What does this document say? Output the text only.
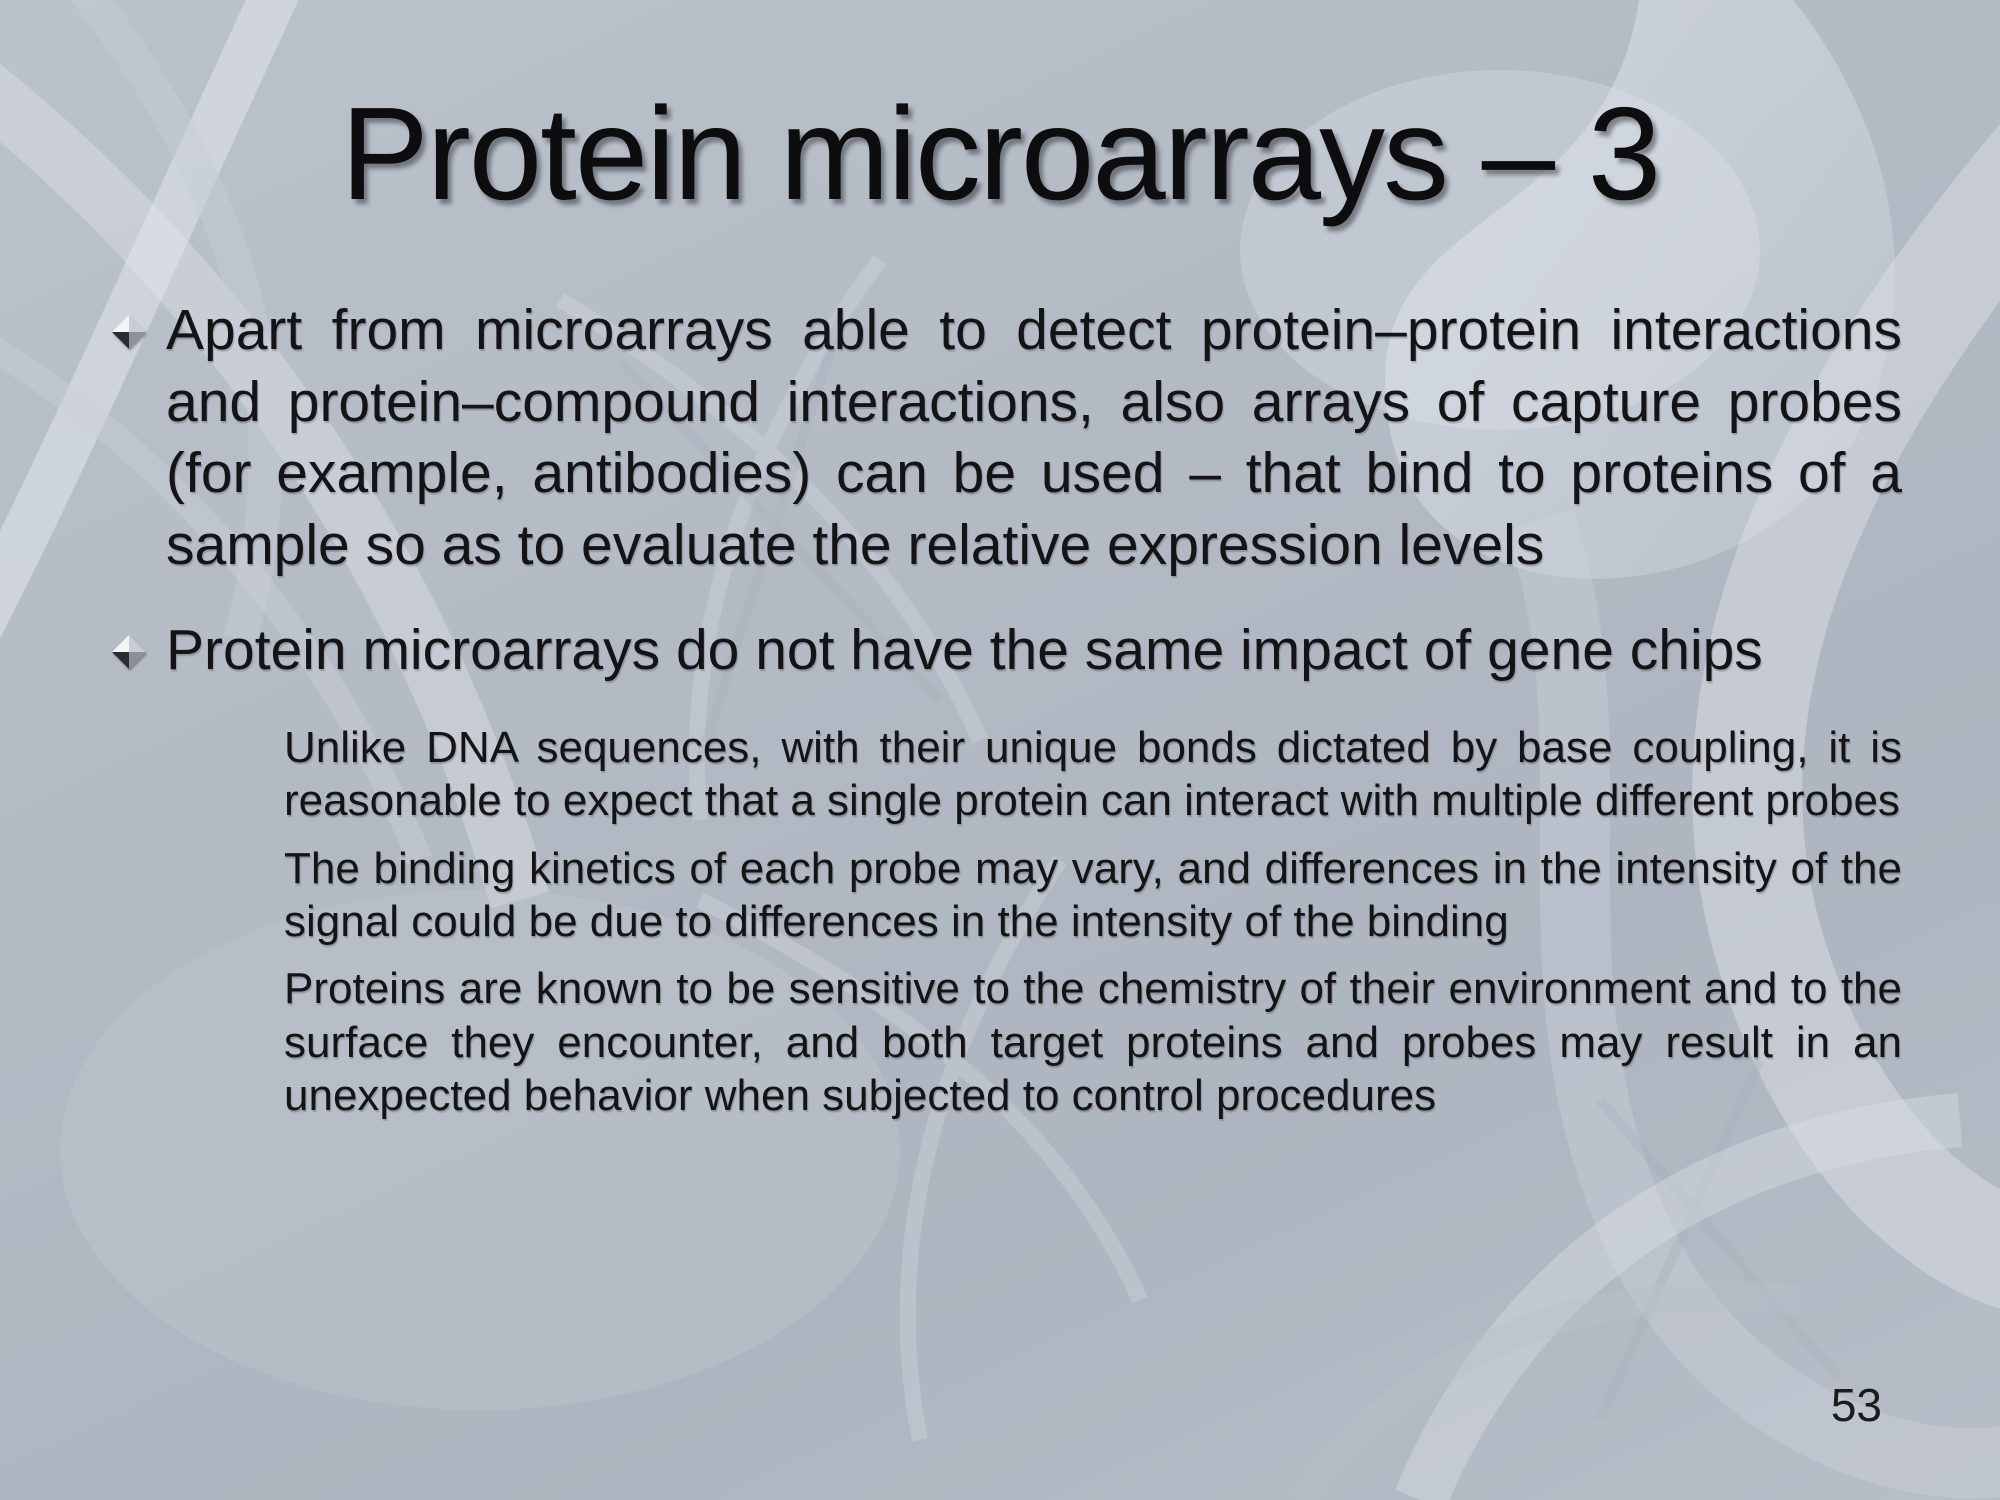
Protein microarrays – 3

Apart from microarrays able to detect protein–protein interactions and protein–compound interactions, also arrays of capture probes (for example, antibodies) can be used – that bind to proteins of a sample so as to evaluate the relative expression levels

Protein microarrays do not have the same impact of gene chips

Unlike DNA sequences, with their unique bonds dictated by base coupling, it is reasonable to expect that a single protein can interact with multiple different probes

The binding kinetics of each probe may vary, and differences in the intensity of the signal could be due to differences in the intensity of the binding

Proteins are known to be sensitive to the chemistry of their environment and to the surface they encounter, and both target proteins and probes may result in an unexpected behavior when subjected to control procedures

53
